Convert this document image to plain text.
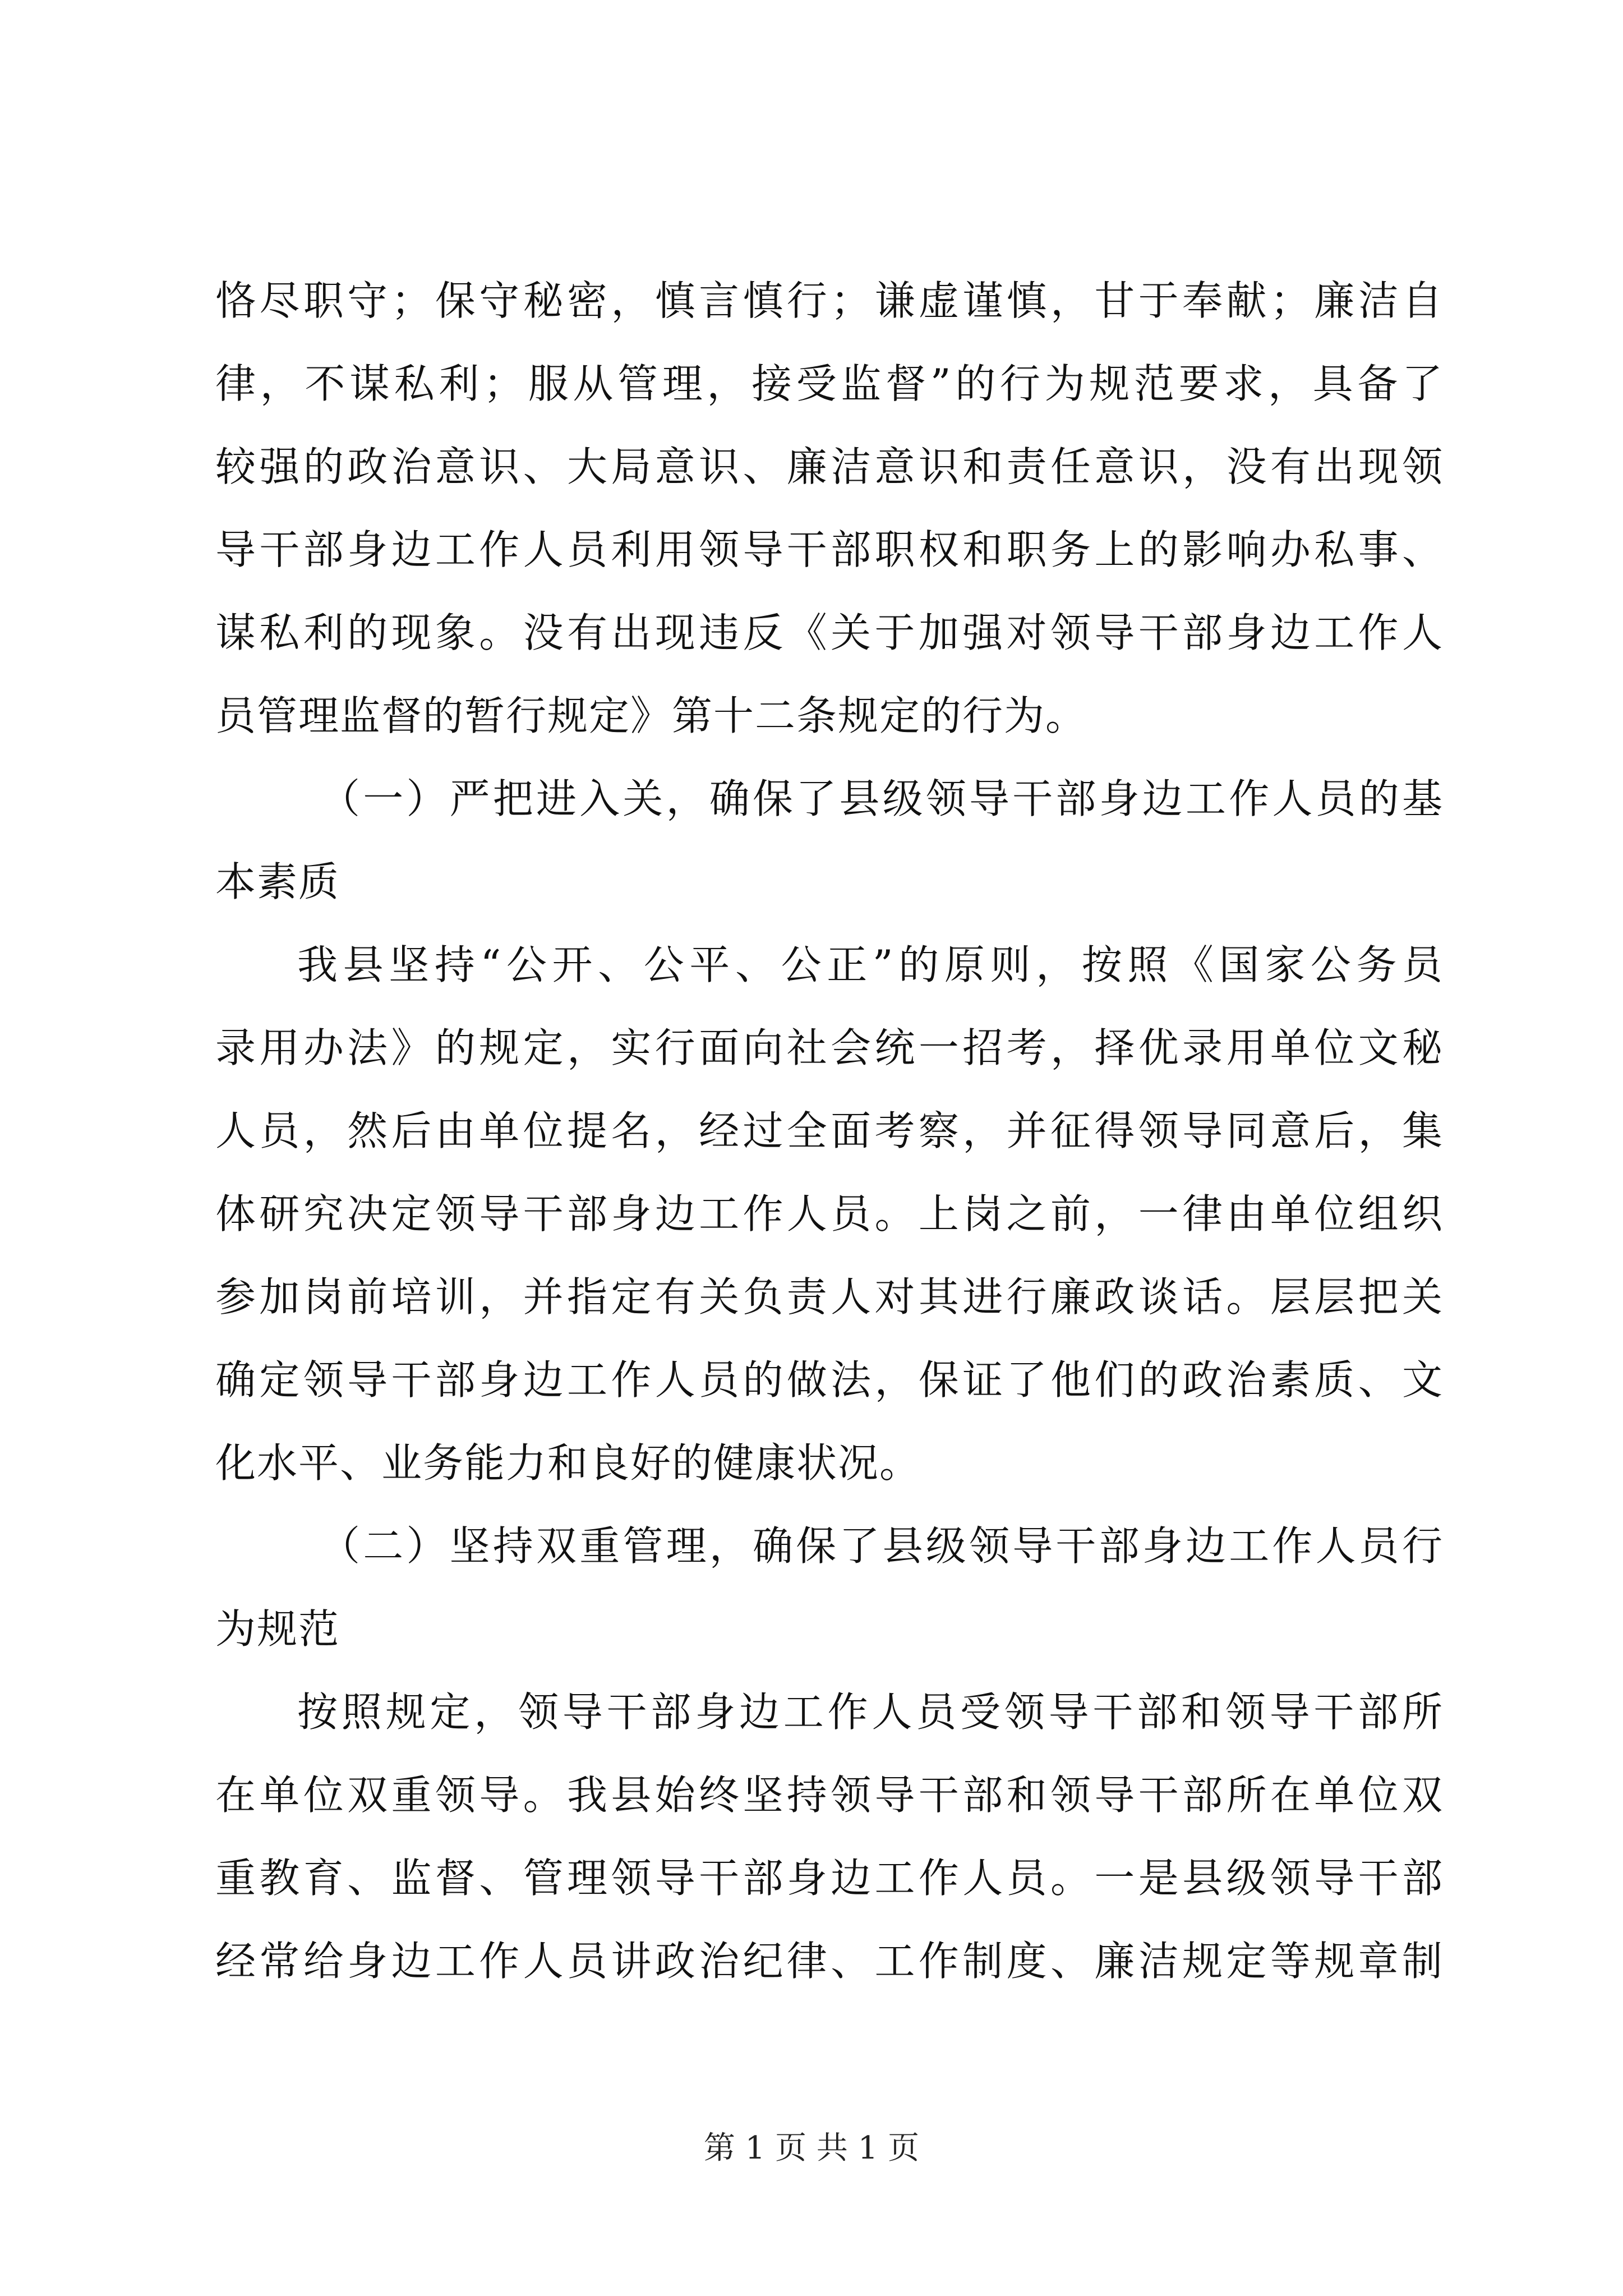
恪尽职守；保守秘密，慎言慎行；谦虚谨慎，甘于奉献；廉洁自
律，不谋私利；服从管理，接受监督”的行为规范要求，具备了
较强的政治意识、大局意识、廉洁意识和责任意识，没有出现领
导干部身边工作人员利用领导干部职权和职务上的影响办私事、
谋私利的现象。没有出现违反《关于加强对领导干部身边工作人
员管理监督的暂行规定》第十二条规定的行为。
（一）严把进入关，确保了县级领导干部身边工作人员的基
本素质
我县坚持“公开、公平、公正”的原则，按照《国家公务员
录用办法》的规定，实行面向社会统一招考，择优录用单位文秘
人员，然后由单位提名，经过全面考察，并征得领导同意后，集
体研究决定领导干部身边工作人员。上岗之前，一律由单位组织
参加岗前培训，并指定有关负责人对其进行廉政谈话。层层把关
确定领导干部身边工作人员的做法，保证了他们的政治素质、文
化水平、业务能力和良好的健康状况。
（二）坚持双重管理，确保了县级领导干部身边工作人员行
为规范
按照规定，领导干部身边工作人员受领导干部和领导干部所
在单位双重领导。我县始终坚持领导干部和领导干部所在单位双
重教育、监督、管理领导干部身边工作人员。一是县级领导干部
经常给身边工作人员讲政治纪律、工作制度、廉洁规定等规章制
第 1 页 共 1 页
